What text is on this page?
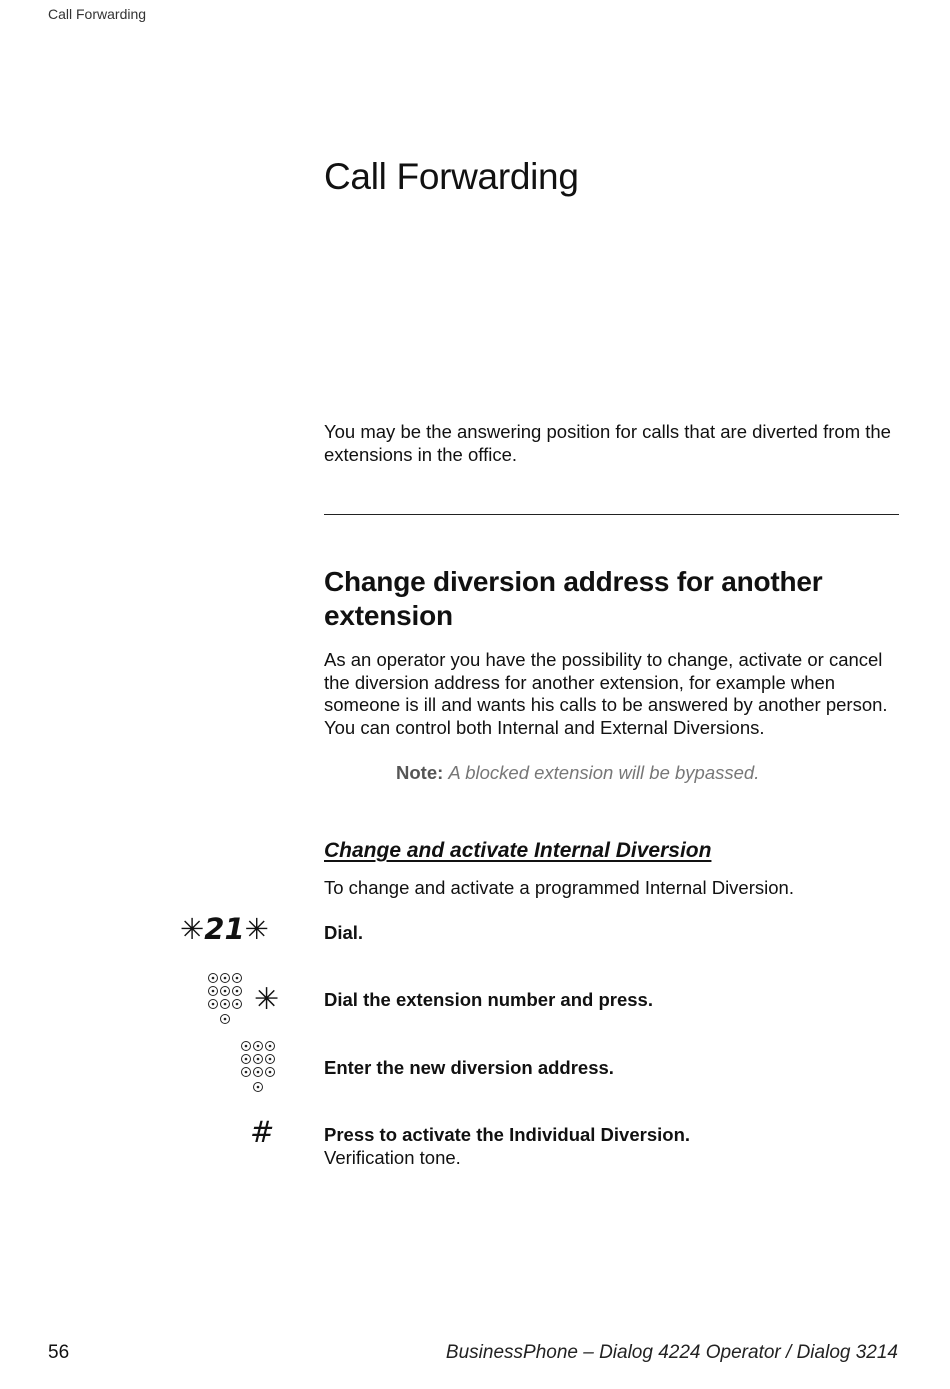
Call Forwarding
Call Forwarding
You may be the answering position for calls that are diverted from the extensions in the office.
Change diversion address for another extension
As an operator you have the possibility to change, activate or cancel the diversion address for another extension, for example when someone is ill and wants his calls to be answered by another person. You can control both Internal and External Diversions.
Note: A blocked extension will be bypassed.
Change and activate Internal Diversion
To change and activate a programmed Internal Diversion.
✳21✳	Dial.
✳ Dial the extension number and press.
Enter the new diversion address.
#	Press to activate the Individual Diversion.
Verification tone.
56	BusinessPhone – Dialog 4224 Operator / Dialog 3214
